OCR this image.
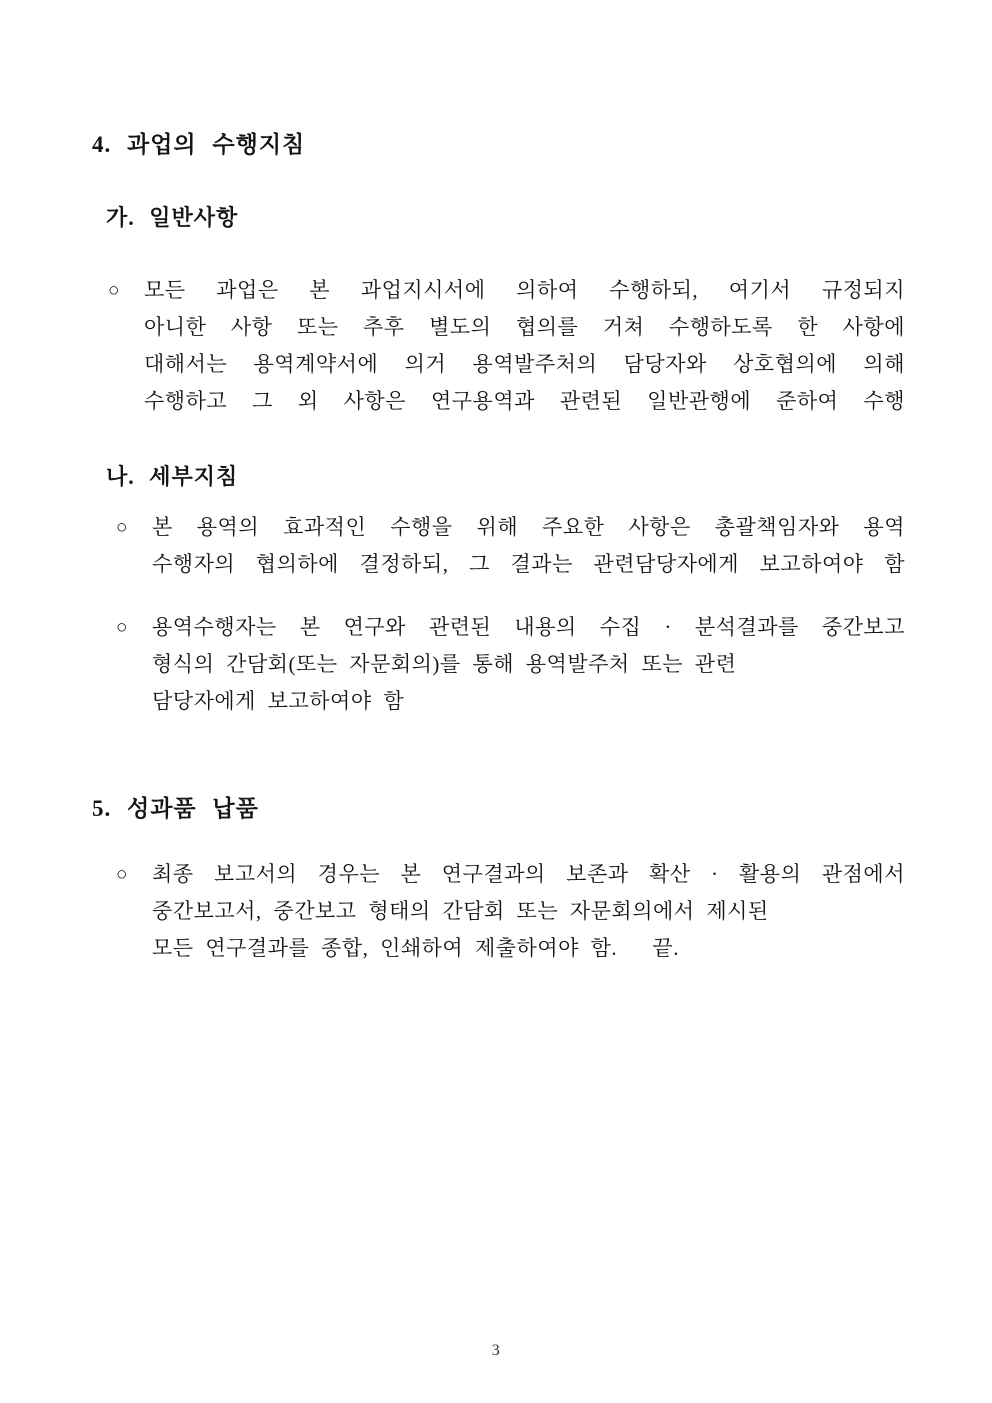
4. 과업의 수행지침
가. 일반사항
○	모든 과업은 본 과업지시서에 의하여 수행하되, 여기서 규정되지
아니한 사항 또는 추후 별도의 협의를 거쳐 수행하도록 한 사항에
대해서는 용역계약서에 의거 용역발주처의 담당자와 상호협의에 의해
수행하고 그 외 사항은 연구용역과 관련된 일반관행에 준하여 수행
나. 세부지침
○	본 용역의 효과적인 수행을 위해 주요한 사항은 총괄책임자와 용역
수행자의 협의하에 결정하되, 그 결과는 관련담당자에게 보고하여야 함
○	용역수행자는 본 연구와 관련된 내용의 수집 · 분석결과를 중간보고
형식의 간담회(또는 자문회의)를 통해 용역발주처 또는 관련
담당자에게 보고하여야 함
5. 성과품 납품
○	최종 보고서의 경우는 본 연구결과의 보존과 확산 · 활용의 관점에서
중간보고서, 중간보고 형태의 간담회 또는 자문회의에서 제시된
모든 연구결과를 종합, 인쇄하여 제출하여야 함.   끝.
3
